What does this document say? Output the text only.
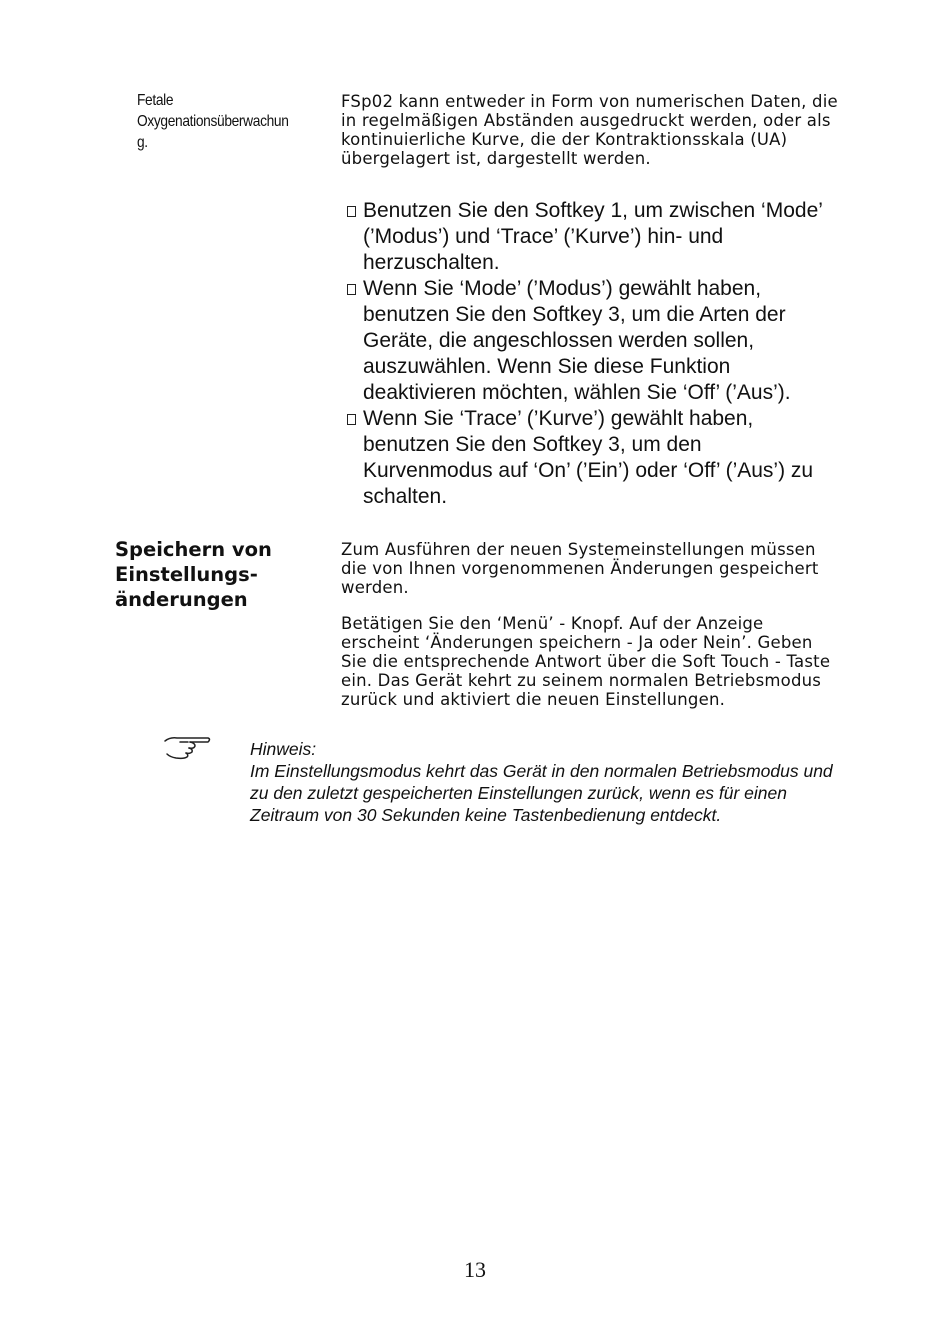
Fetale
Oxygenationsüberwachun
g.
FSp02 kann entweder in Form von numerischen Daten, die in regelmäßigen Abständen ausgedruckt werden, oder als kontinuierliche Kurve, die der Kontraktionsskala (UA) übergelagert ist, dargestellt werden.
Benutzen Sie den Softkey 1, um zwischen ‘Mode’ (’Modus’) und ‘Trace’ (’Kurve’) hin- und herzuschalten.
Wenn Sie ‘Mode’ (’Modus’) gewählt haben, benutzen Sie den Softkey 3, um die Arten der Geräte, die angeschlossen werden sollen, auszuwählen. Wenn Sie diese Funktion deaktivieren möchten, wählen Sie ‘Off’ (’Aus’).
Wenn Sie ‘Trace’ (’Kurve’) gewählt haben, benutzen Sie den Softkey 3, um den Kurvenmodus auf ‘On’ (’Ein’) oder ‘Off’ (’Aus’) zu schalten.
Speichern von
Einstellungs-
änderungen
Zum Ausführen der neuen Systemeinstellungen müssen die von Ihnen vorgenommenen Änderungen gespeichert werden.
Betätigen Sie den ‘Menü’ - Knopf. Auf der Anzeige erscheint ‘Änderungen speichern - Ja oder Nein’. Geben Sie die entsprechende Antwort über die Soft Touch - Taste ein. Das Gerät kehrt zu seinem normalen Betriebsmodus zurück und aktiviert die neuen Einstellungen.
Hinweis:
Im Einstellungsmodus kehrt das Gerät in den normalen Betriebsmodus und zu den zuletzt gespeicherten Einstellungen zurück, wenn es für einen Zeitraum von 30 Sekunden keine Tastenbedienung entdeckt.
13
